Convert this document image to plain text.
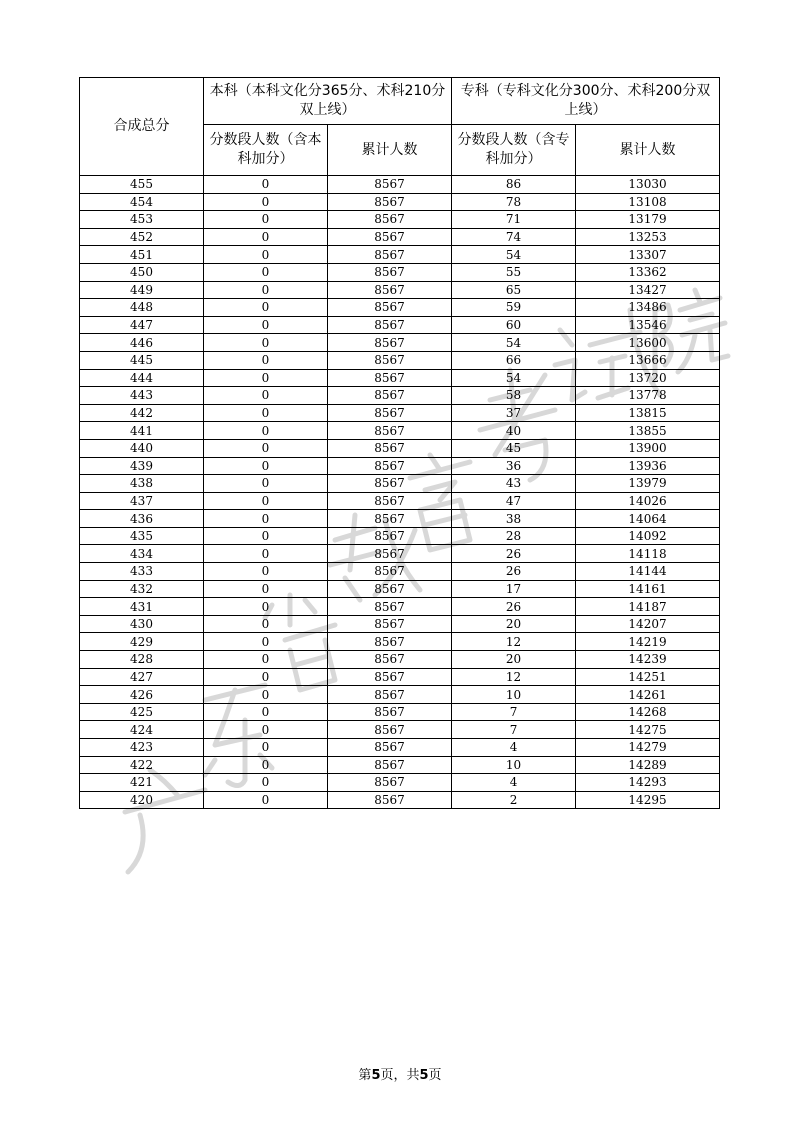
合成总分	本科（本科文化分365分、术科210分双上线）		专科（专科文化分300分、术科200分双上线）	
	分数段人数（含本科加分）	累计人数	分数段人数（含专科加分）	累计人数
455	0	8567	86	13030
454	0	8567	78	13108
453	0	8567	71	13179
452	0	8567	74	13253
451	0	8567	54	13307
450	0	8567	55	13362
449	0	8567	65	13427
448	0	8567	59	13486
447	0	8567	60	13546
446	0	8567	54	13600
445	0	8567	66	13666
444	0	8567	54	13720
443	0	8567	58	13778
442	0	8567	37	13815
441	0	8567	40	13855
440	0	8567	45	13900
439	0	8567	36	13936
438	0	8567	43	13979
437	0	8567	47	14026
436	0	8567	38	14064
435	0	8567	28	14092
434	0	8567	26	14118
433	0	8567	26	14144
432	0	8567	17	14161
431	0	8567	26	14187
430	0	8567	20	14207
429	0	8567	12	14219
428	0	8567	20	14239
427	0	8567	12	14251
426	0	8567	10	14261
425	0	8567	7	14268
424	0	8567	7	14275
423	0	8567	4	14279
422	0	8567	10	14289
421	0	8567	4	14293
420	0	8567	2	14295
第5页，共5页
